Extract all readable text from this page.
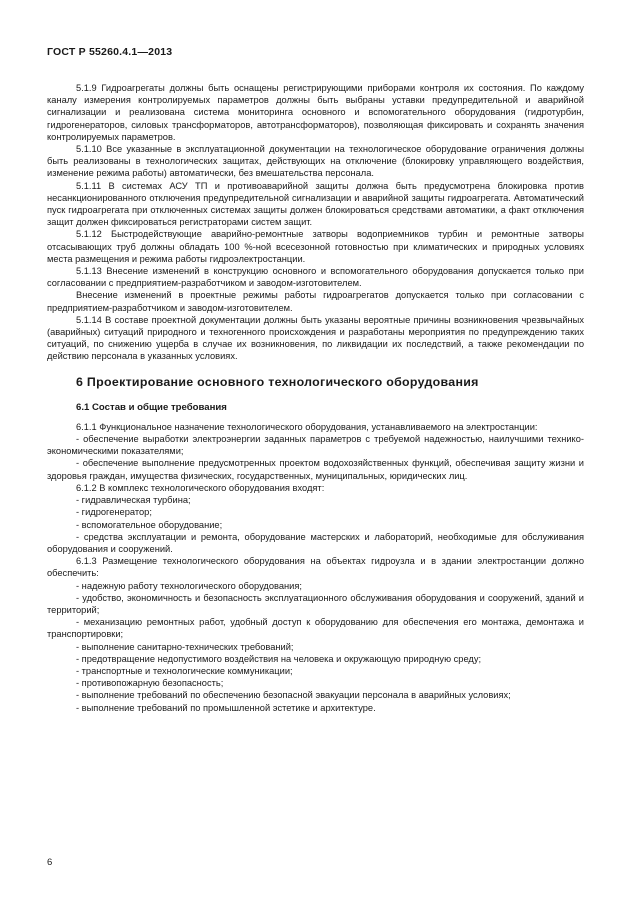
ГОСТ Р 55260.4.1—2013

5.1.9 Гидроагрегаты должны быть оснащены регистрирующими приборами контроля их состояния. По каждому каналу измерения контролируемых параметров должны быть выбраны уставки предупредительной и аварийной сигнализации и реализована система мониторинга основного и вспомогательного оборудования (гидротурбин, гидрогенераторов, силовых трансформаторов, автотрансформаторов), позволяющая фиксировать и сохранять значения контролируемых параметров.

5.1.10 Все указанные в эксплуатационной документации на технологическое оборудование ограничения должны быть реализованы в технологических защитах, действующих на отключение (блокировку управляющего воздействия, изменение режима работы) автоматически, без вмешательства персонала.

5.1.11 В системах АСУ ТП и противоаварийной защиты должна быть предусмотрена блокировка против несанкционированного отключения предупредительной сигнализации и аварийной защиты гидроагрегата. Автоматический пуск гидроагрегата при отключенных системах защиты должен блокироваться средствами автоматики, а факт отключения защит должен фиксироваться регистраторами систем защит.

5.1.12 Быстродействующие аварийно-ремонтные затворы водоприемников турбин и ремонтные затворы отсасывающих труб должны обладать 100 %-ной всесезонной готовностью при климатических и природных условиях места размещения и режима работы гидроэлектростанции.

5.1.13 Внесение изменений в конструкцию основного и вспомогательного оборудования допускается только при согласовании с предприятием-разработчиком и заводом-изготовителем.

Внесение изменений в проектные режимы работы гидроагрегатов допускается только при согласовании с предприятием-разработчиком и заводом-изготовителем.

5.1.14 В составе проектной документации должны быть указаны вероятные причины возникновения чрезвычайных (аварийных) ситуаций природного и техногенного происхождения и разработаны мероприятия по предупреждению таких ситуаций, по снижению ущерба в случае их возникновения, по ликвидации их последствий, а также рекомендации по действию персонала в указанных условиях.

6 Проектирование основного технологического оборудования

6.1 Состав и общие требования

6.1.1 Функциональное назначение технологического оборудования, устанавливаемого на электростанции:

- обеспечение выработки электроэнергии заданных параметров с требуемой надежностью, наилучшими технико-экономическими показателями;

- обеспечение выполнение предусмотренных проектом водохозяйственных функций, обеспечивая защиту жизни и здоровья граждан, имущества физических, государственных, муниципальных, юридических лиц.

6.1.2 В комплекс технологического оборудования входят:

- гидравлическая турбина;

- гидрогенератор;

- вспомогательное оборудование;

- средства эксплуатации и ремонта, оборудование мастерских и лабораторий, необходимые для обслуживания оборудования и сооружений.

6.1.3 Размещение технологического оборудования на объектах гидроузла и в здании электростанции должно обеспечить:

- надежную работу технологического оборудования;

- удобство, экономичность и безопасность эксплуатационного обслуживания оборудования и сооружений, зданий и территорий;

- механизацию ремонтных работ, удобный доступ к оборудованию для обеспечения его монтажа, демонтажа и транспортировки;

- выполнение санитарно-технических требований;

- предотвращение недопустимого воздействия на человека и окружающую природную среду;

- транспортные и технологические коммуникации;

- противопожарную безопасность;

- выполнение требований по обеспечению безопасной эвакуации персонала в аварийных условиях;

- выполнение требований по промышленной эстетике и архитектуре.

6
